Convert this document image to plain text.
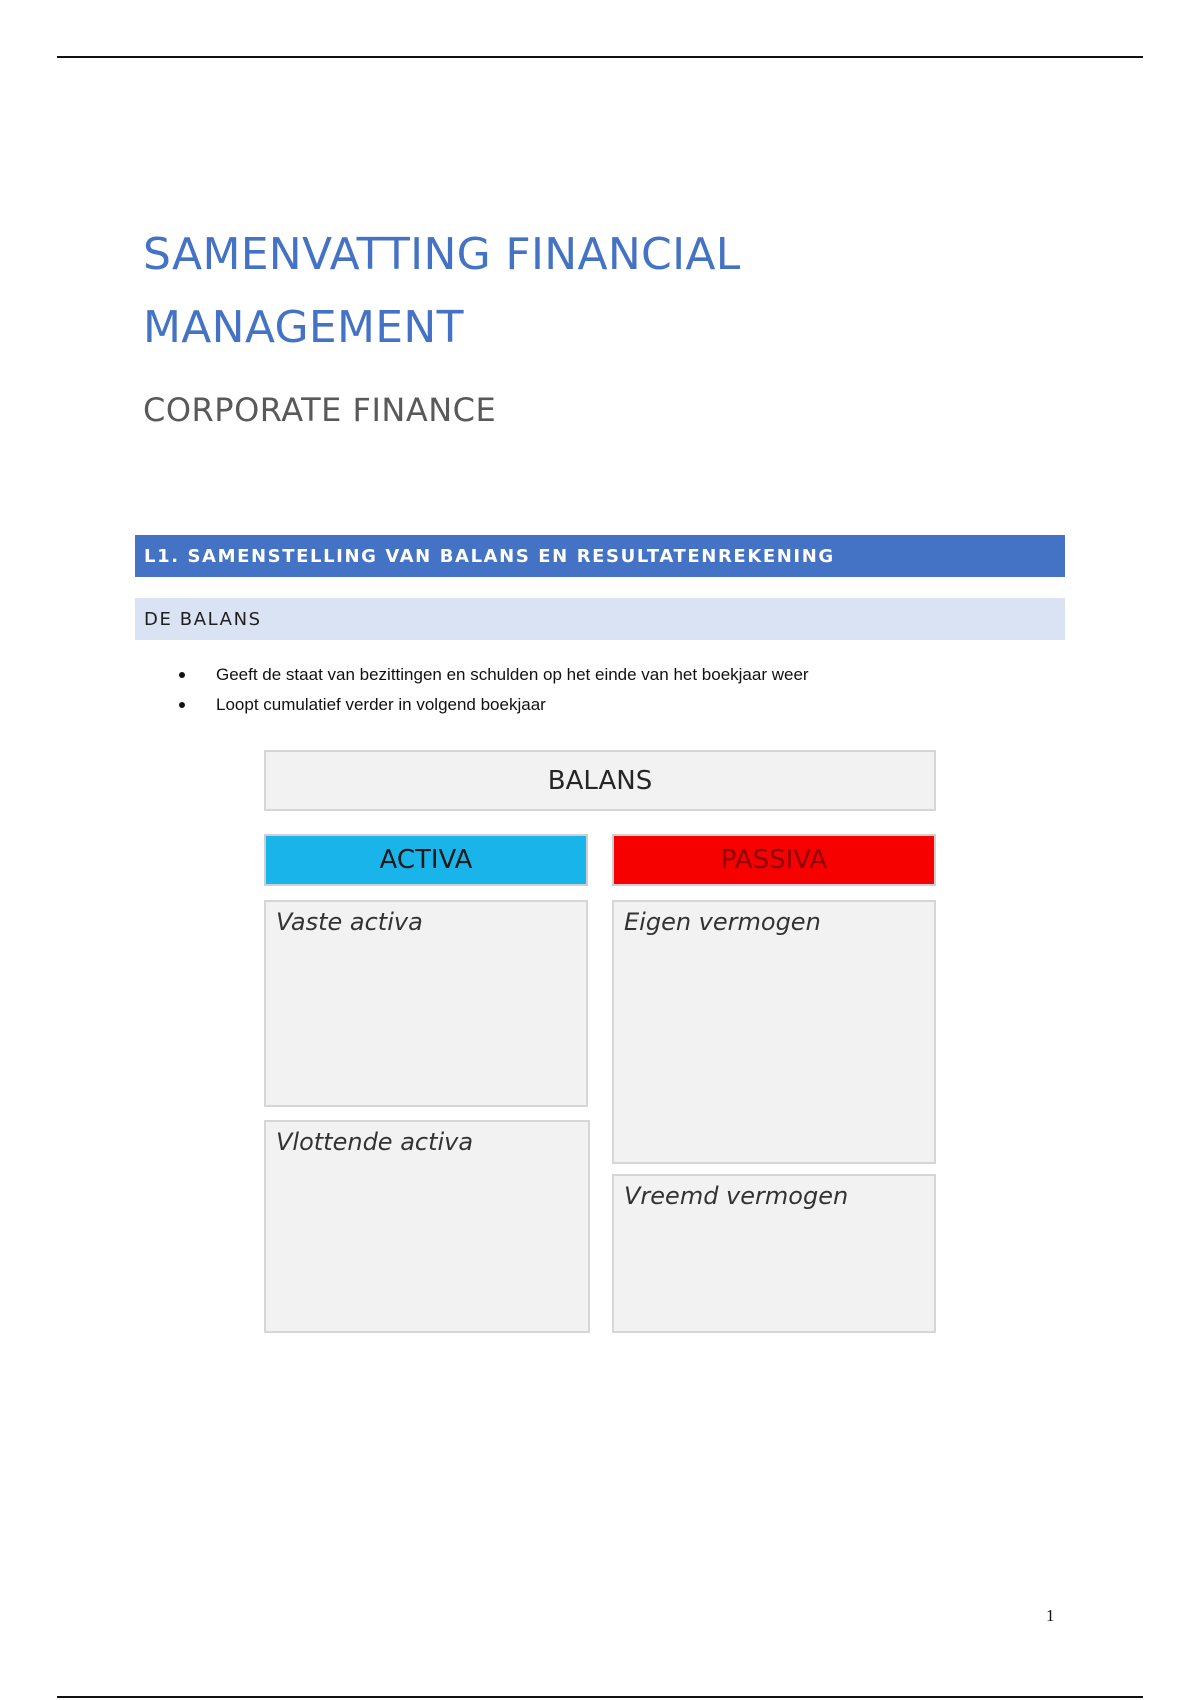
SAMENVATTING FINANCIAL MANAGEMENT
CORPORATE FINANCE
L1. SAMENSTELLING VAN BALANS EN RESULTATENREKENING
DE BALANS
Geeft de staat van bezittingen en schulden op het einde van het boekjaar weer
Loopt cumulatief verder in volgend boekjaar
BALANS
ACTIVA	PASSIVA
Vaste activa
Vlottende activa
Eigen vermogen
Vreemd vermogen
1
